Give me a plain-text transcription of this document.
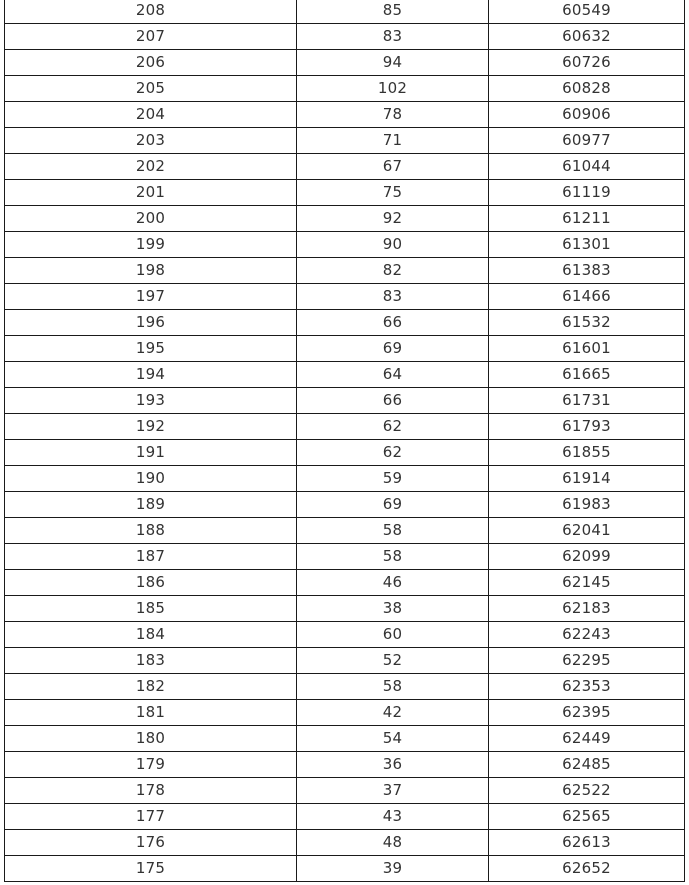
208	85	60549
207	83	60632
206	94	60726
205	102	60828
204	78	60906
203	71	60977
202	67	61044
201	75	61119
200	92	61211
199	90	61301
198	82	61383
197	83	61466
196	66	61532
195	69	61601
194	64	61665
193	66	61731
192	62	61793
191	62	61855
190	59	61914
189	69	61983
188	58	62041
187	58	62099
186	46	62145
185	38	62183
184	60	62243
183	52	62295
182	58	62353
181	42	62395
180	54	62449
179	36	62485
178	37	62522
177	43	62565
176	48	62613
175	39	62652
